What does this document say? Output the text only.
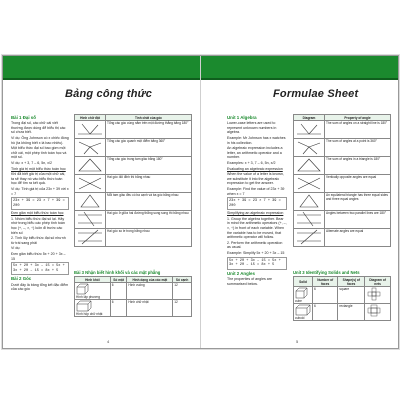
Bảng công thức

Bài 1 Đại số

Trong đại số, các chữ cái viết thường được dùng để biểu thị các số chưa biết.

Ví dụ: Ông Johnson có x chiếc đồng hồ (ta không biết x là bao nhiêu).

Một biểu thức đại số bao gồm một chữ cái, một phép tính toán học và một số.

Ví dụ: x + 3, 7 – 6, 5n, x/2

Tính giá trị một biểu thức toán học

Khi đã biết giá trị của một chữ cái, ta sẽ thay nó vào biểu thức toán học để tìm ra kết quả.

Ví dụ: Tính giá trị của 23x + 39 với x = 7

23x + 39 = 23 × 7 + 39 = 200

Đơn giản một biểu thức toán học

1. Nhóm biểu thức đại số lại. Hãy nhớ trong biểu các phép tính toán học (+, –, ×, ÷) luôn đi trước các biến số

2. Tính lũy biểu thức đại số nhưnh từ trái sang phải

Ví dụ:

Đơn giản biểu thức 5x + 20 + 3x – 15

5x + 20 + 3x – 15 = 5x + 3x + 20 – 15 = 8x + 5

Bài 2 Góc

Dưới đây là bảng tổng kết đặc điểm của các góc

Hình chữ đặt	Tính chất của góc

	Tổng các góc cùng nằm trên một đường thẳng bằng 180°

	Tổng các góc quanh một điểm bằng 360°

	Tổng các góc trong tam giác bằng 180°

	Hai góc đối đỉnh thì bằng nhau

	Mỗi tam giác đều có ba cạnh và ba góc bằng nhau

	Hai góc ở giữa hai đường thẳng song song thì bằng nhau

	Hai góc so le trong bằng nhau
Bài 3 Nhận biết hình khối và các mặt phẳng
Hình khối	Số mặt	Hình dạng của các mặt	Số cạnh

Hình lập phương	6	Hình vuông	12

Hình hộp chữ nhật	6	Hình chữ nhật	12
4
Formulae Sheet

Unit 1 Algebra

Lower-case letters are used to represent unknown numbers in algebra.

Example: Mr Johnson has x watches in his collection.

An algebraic expression includes a letter, an arithmetic operator and a number.

Examples: x + 3, 7 – 6, 5n, x/2

Evaluating an algebraic expression

When the value of a letter is known, we substitute it into the algebraic expression to get the answer.

Example: Find the value of 23x + 39 when x = 7

23x + 39 = 23 × 7 + 39 = 200

Simplifying an algebraic expression

1. Group the algebra together. Bear in mind the arithmetic operators (+, –, ×, ÷) in front of each variable. When the variable has to be moved, that arithmetic operator will follow.

2. Perform the arithmetic operation as usual.

Example: Simplify 5x + 20 + 3x – 15

5x + 20 + 3x – 15 = 5x + 3x + 20 – 15 = 8x + 5

Unit 2 Angles

The properties of angles are summarised below.

Diagram	Property of angle

	The sum of angles on a straight line is 180°

	The sum of angles at a point is 360°

	The sum of angles in a triangle is 180°

	Vertically opposite angles are equal

	An equilateral triangle has three equal sides and three equal angles

	Angles between two parallel lines are 180°

	Alternate angles are equal
Unit 3 Identifying Solids and Nets
Solid	Number of faces	Shape(s) of faces	Diagram of nets

cube	6	square	

cuboid	6	rectangle	
5
